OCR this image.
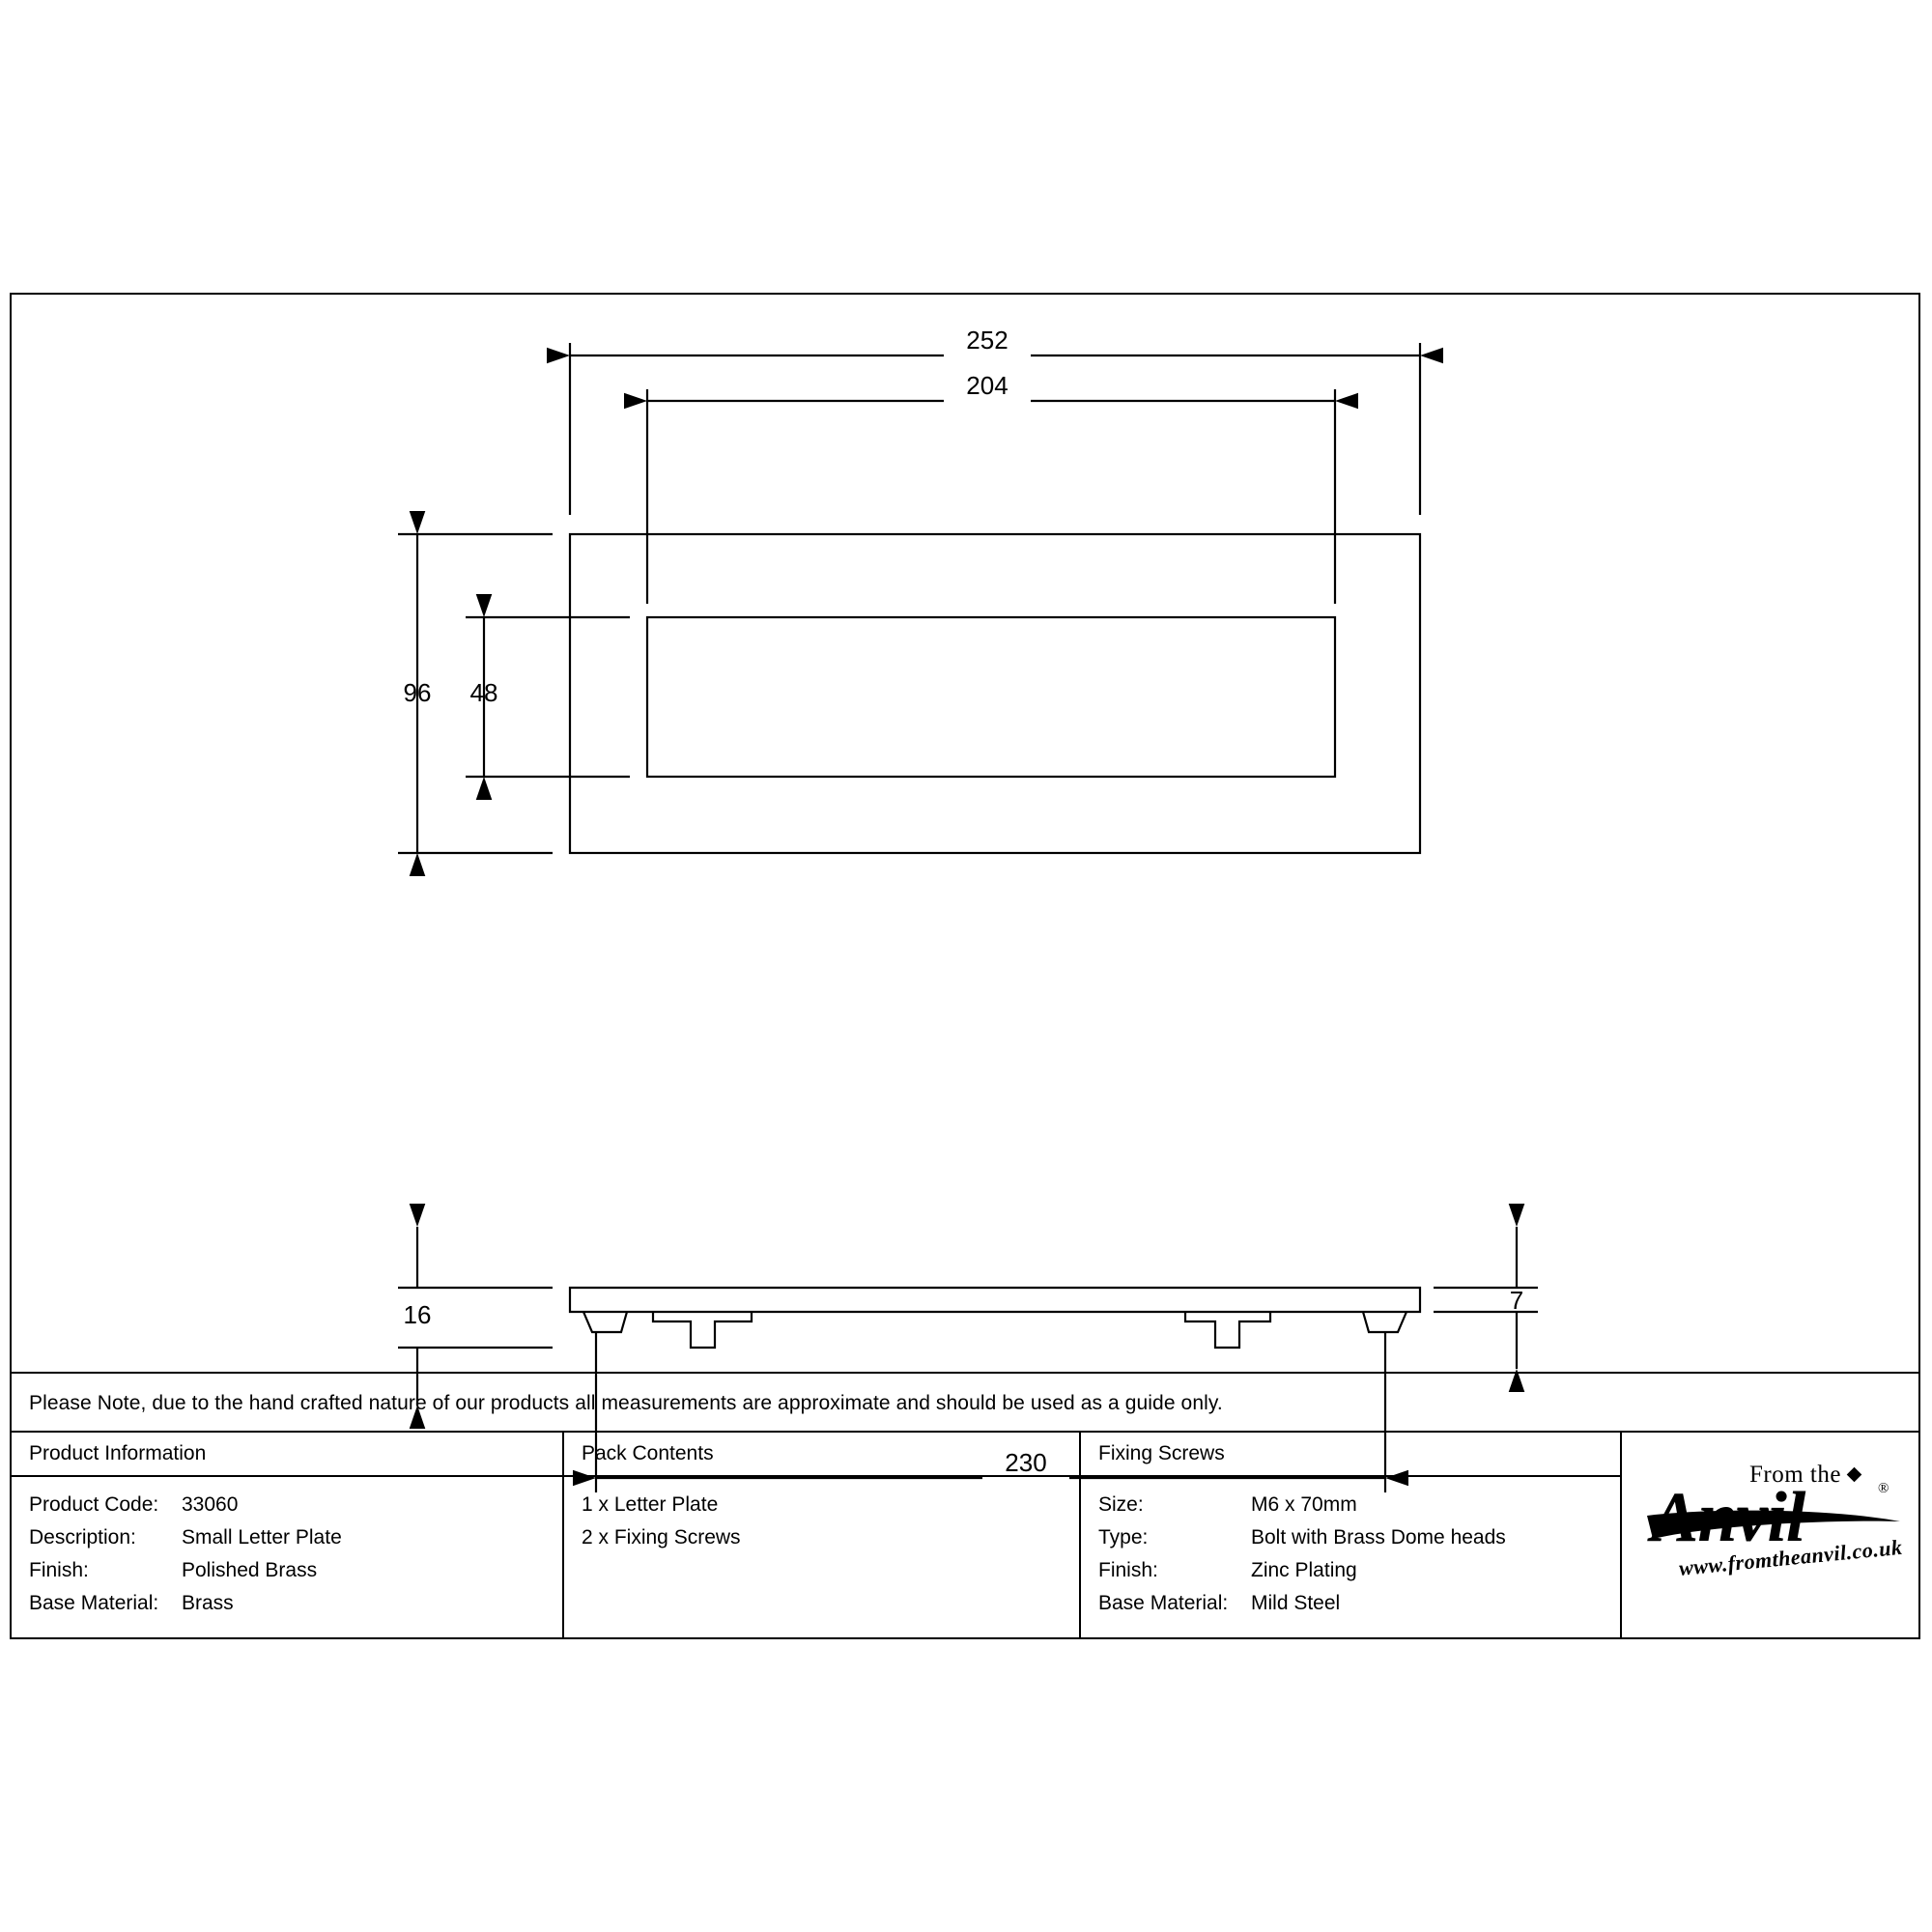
252
204
96 48
16	7
230
Please Note, due to the hand crafted nature of our products all measurements are approximate and should be used as a guide only.
Product Information
Product Code: 33060
Description: Small Letter Plate
Finish:	Polished Brass
Base Material: Brass
Pack Contents
1 x Letter Plate
2 x Fixing Screws
Fixing Screws
Size:	M6 x 70mm
Type:	Bolt with Brass Dome heads
Finish:	Zinc Plating
Base Material: Mild Steel
From the
®
www.fromtheanvil.co.uk
